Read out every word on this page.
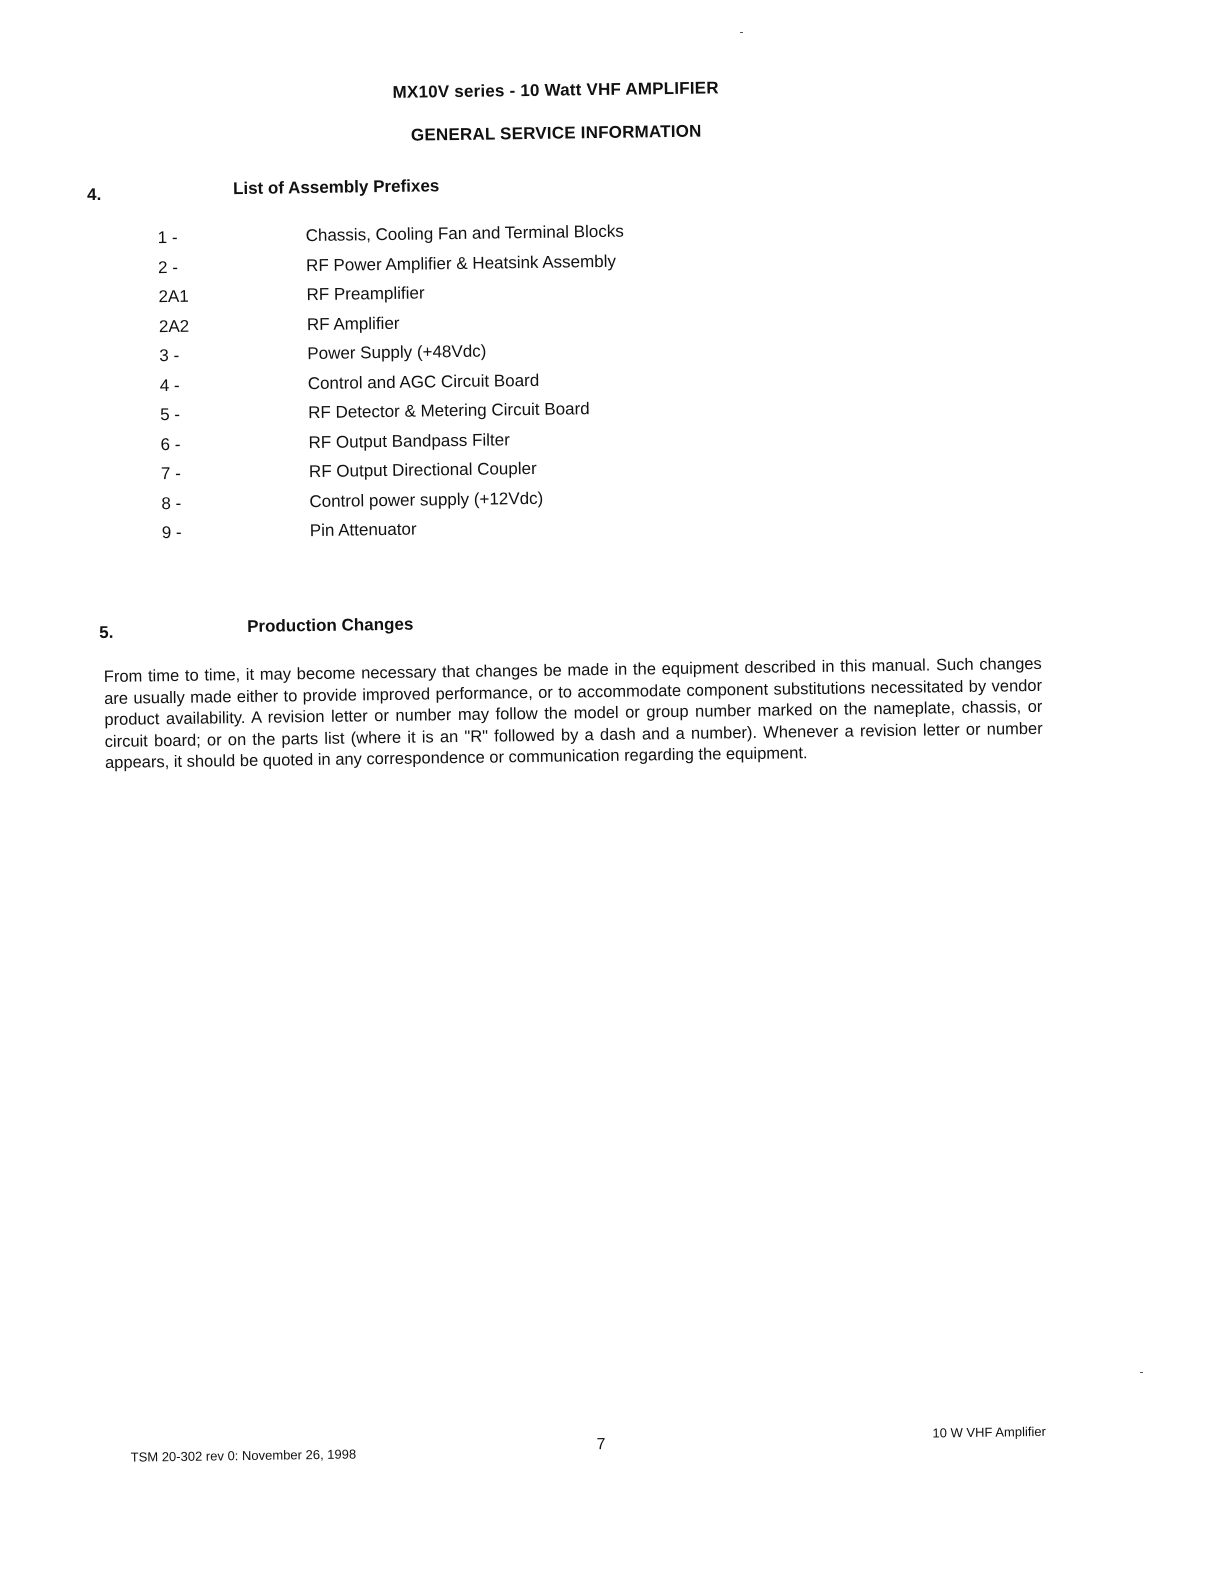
MX10V series - 10 Watt VHF AMPLIFIER
GENERAL SERVICE INFORMATION
4.	List of Assembly Prefixes
1 -	Chassis, Cooling Fan and Terminal Blocks
2 -	RF Power Amplifier & Heatsink Assembly
2A1	RF Preamplifier
2A2	RF Amplifier
3 -	Power Supply (+48Vdc)
4 -	Control and AGC Circuit Board
5 -	RF Detector & Metering Circuit Board
6 -	RF Output Bandpass Filter
7 -	RF Output Directional Coupler
8 -	Control power supply (+12Vdc)
9 -	Pin Attenuator
5.	Production Changes
From time to time, it may become necessary that changes be made in the equipment described in this manual. Such changes are usually made either to provide improved performance, or to accommodate component substitutions necessitated by vendor product availability. A revision letter or number may follow the model or group number marked on the nameplate, chassis, or circuit board; or on the parts list (where it is an "R" followed by a dash and a number). Whenever a revision letter or number appears, it should be quoted in any correspondence or communication regarding the equipment.
TSM 20-302 rev 0: November 26, 1998
7
10 W VHF Amplifier
